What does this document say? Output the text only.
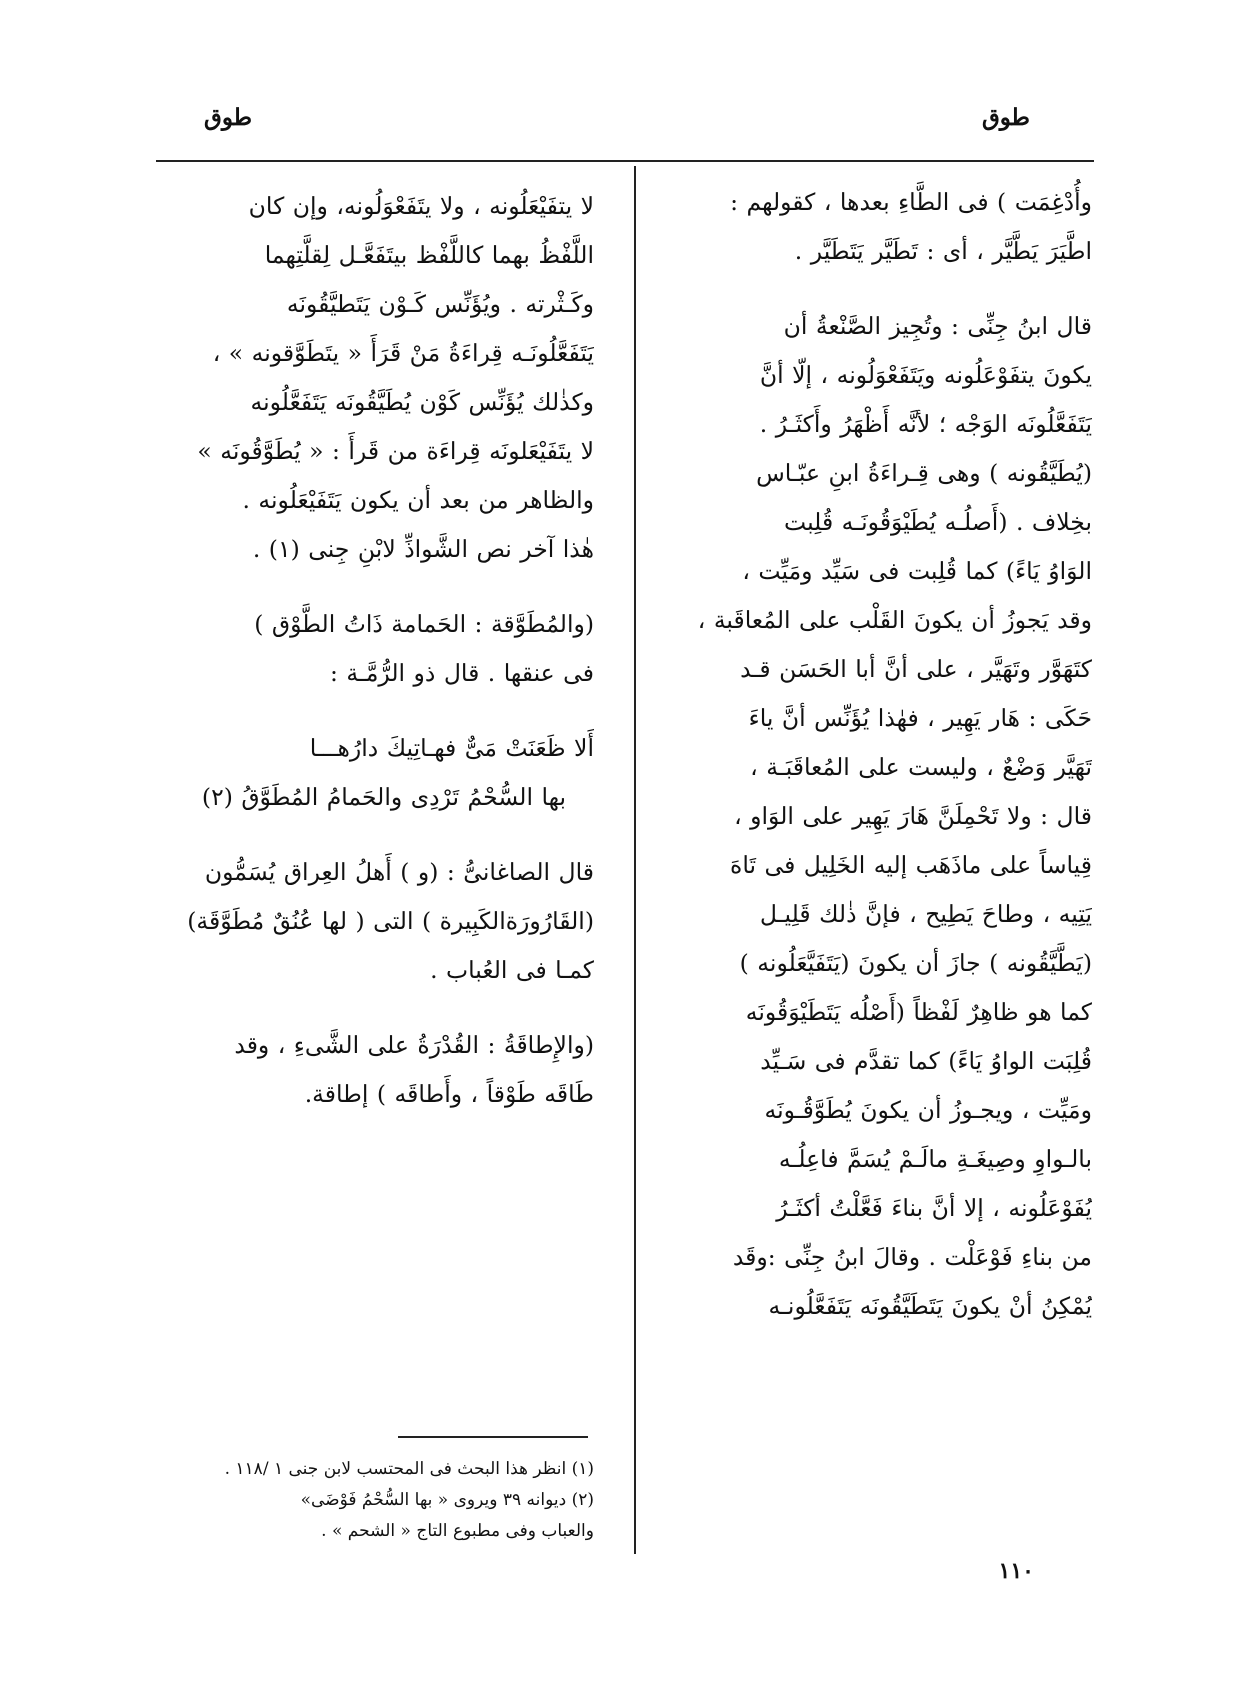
طوق
طوق
وأُدْغِمَت ) فى الطَّاءِ بعدها ، كقولهم :
اطَّيَرَ يَطَّيَّر ، أى : تَطَيَّر يَتَطَيَّر .
قال ابنُ جِنِّى : وتُجِيز الصَّنْعةُ أن
يكونَ يتفَوْعَلُونه ويَتَفَعْوَلُونه ، إلّا أنَّ
يَتَفَعَّلُونَه الوَجْه ؛ لأنَّه أَظْهَرُ وأَكثَـرُ .
(يُطَيَّقُونه ) وهى قِـراءَةُ ابنِ عبّـاس
بخِلاف . (أَصلُـه يُطَيْوَقُونَـه قُلِبت
الوَاوُ يَاءً) كما قُلِبت فى سَيِّد ومَيِّت ،
وقد يَجوزُ أن يكونَ القَلْب على المُعاقَبة ،
كتَهَوَّر وتَهَيَّر ، على أنَّ أبا الحَسَن قـد
حَكَى : هَار يَهِير ، فهٰذا يُؤَنِّس أنَّ ياءَ
تَهَيَّر وَضْعٌ ، وليست على المُعاقَبَـة ،
قال : ولا تَحْمِلَنَّ هَارَ يَهِير على الوَاو ،
قِياساً على ماذَهَب إليه الخَلِيل فى تَاهَ
يَتِيه ، وطاحَ يَطِيح ، فإنَّ ذٰلك قَلِيـل
(يَطَّيَّقُونه ) جازَ أن يكونَ (يَتَفَيَّعَلُونه )
كما هو ظاهِرٌ لَفْظاً (أَصْلُه يَتَطَيْوَقُونَه
قُلِبَت الواوُ يَاءً) كما تقدَّم فى سَـيِّد
ومَيِّت ، ويجـوزُ أن يكونَ يُطَوَّقُـونَه
بالـواوِ وصِيغَـةِ مالَـمْ يُسَمَّ فاعِلُـه
يُفَوْعَلُونه ، إلا أنَّ بناءَ فَعَّلْتُ أكثَـرُ
من بناءِ فَوْعَلْت . وقالَ ابنُ جِنِّى :وقَد
يُمْكِنُ أنْ يكونَ يَتَطَيَّقُونَه يَتَفَعَّلُونـه
لا يتفَيْعَلُونه ، ولا يتَفَعْوَلُونه، وإن كان
اللَّفْظُ بهما كاللَّفْظ بيتَفَعَّـل لِقلَّتِهما
وكَـثْرته . ويُؤَنِّس كَـوْن يَتَطيَّقُونَه
يَتَفَعَّلُونَـه قِراءَةُ مَنْ قَرَأَ « يتَطَوَّقونه » ،
وكذٰلك يُؤَنِّس كَوْن يُطَيَّقُونَه يَتَفَعَّلُونه
لا يتَفَيْعَلونَه قِراءَة من قَرأَ : « يُطَوَّقُونَه »
والظاهر من بعد أن يكون يَتَفَيْعَلُونه .
هٰذا آخر نص الشَّواذِّ لابْنِ جِنى (١) .
(والمُطَوَّقة : الحَمامة ذَاتُ الطَّوْق )
فى عنقها . قال ذو الرُّمَّـة :
أَلا ظَعَنَتْ مَىٌّ فهـاتِيكَ دارُهـــا
بها السُّحْمُ تَرْدِى والحَمامُ المُطَوَّقُ (٢)
قال الصاغانىُّ : (و ) أَهلُ العِراق يُسَمُّون
(القَارُورَةالكَبِيرة ) التى ( لها عُنُقٌ مُطَوَّقَة)
كمـا فى العُباب .
(والإِطاقَةُ : القُدْرَةُ على الشَّىءِ ، وقد
طَاقَه طَوْقاً ، وأَطاقَه ) إطاقة.
(١) انظر هذا البحث فى المحتسب لابن جنى ١ /١١٨ .
(٢) ديوانه ٣٩ ويروى « بها السُّحْمُ فَوْضَى»
والعباب وفى مطبوع التاج « الشحم » .
١١٠
